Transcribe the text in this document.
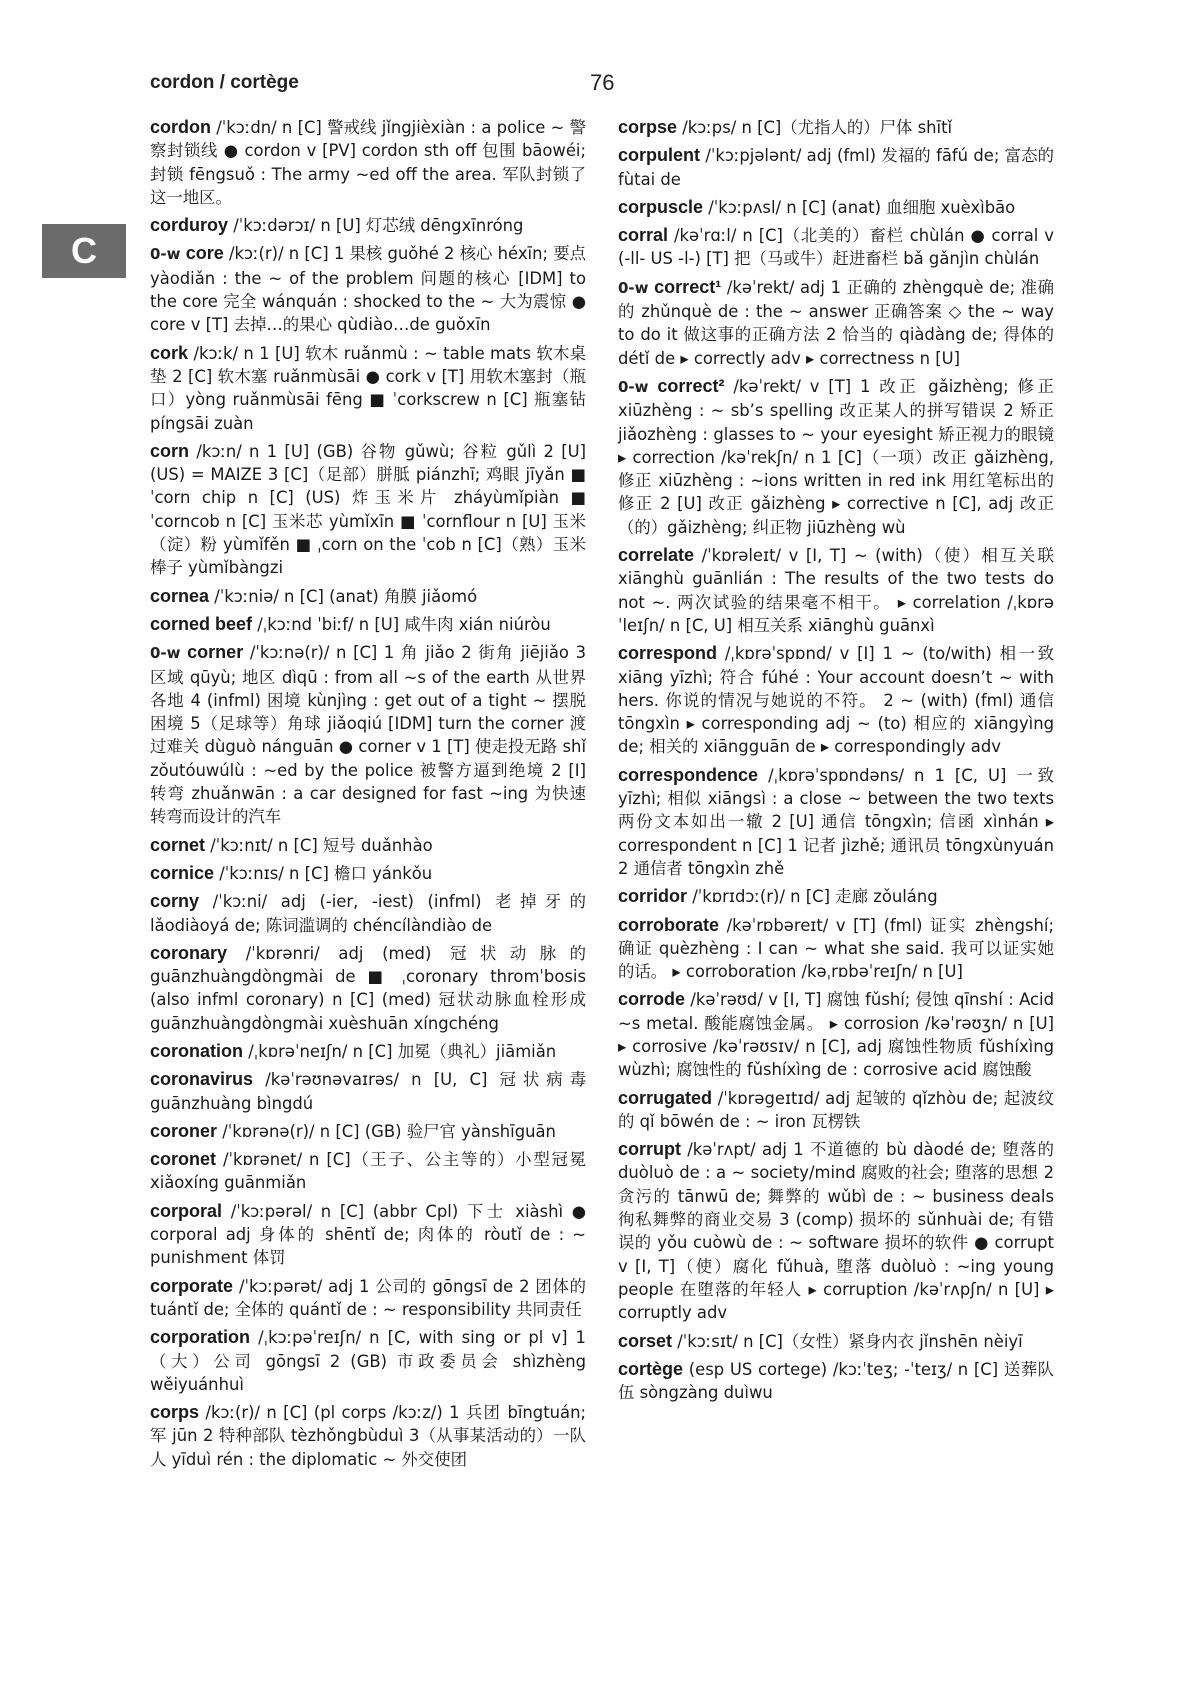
cordon / cortège	76
C

cordon /ˈkɔːdn/ n [C] 警戒线 jǐngjièxiàn : a police ~ 警察封锁线 ● cordon v [PV] cordon sth off 包围 bāowéi; 封锁 fēngsuǒ : The army ~ed off the area. 军队封锁了这一地区。

corduroy /ˈkɔːdərɔɪ/ n [U] 灯芯绒 dēngxīnróng

0-w core /kɔː(r)/ n [C] 1 果核 guǒhé 2 核心 héxīn; 要点 yàodiǎn : the ~ of the problem 问题的核心 [IDM] to the core 完全 wánquán : shocked to the ~ 大为震惊 ● core v [T] 去掉…的果心 qùdiào…de guǒxīn

cork /kɔːk/ n 1 [U] 软木 ruǎnmù : ~ table mats 软木桌垫 2 [C] 软木塞 ruǎnmùsāi ● cork v [T] 用软木塞封（瓶口）yòng ruǎnmùsāi fēng ■ ˈcorkscrew n [C] 瓶塞钻 píngsāi zuàn

corn /kɔːn/ n 1 [U] (GB) 谷物 gǔwù; 谷粒 gǔlì 2 [U] (US) = MAIZE 3 [C]（足部）胼胝 piánzhī; 鸡眼 jīyǎn ■ ˈcorn chip n [C] (US) 炸玉米片 zháyùmǐpiàn ■ ˈcorncob n [C] 玉米芯 yùmǐxīn ■ ˈcornflour n [U] 玉米（淀）粉 yùmǐfěn ■ ˌcorn on the ˈcob n [C]（熟）玉米棒子 yùmǐbàngzi

cornea /ˈkɔːniə/ n [C] (anat) 角膜 jiǎomó

corned beef /ˌkɔːnd ˈbiːf/ n [U] 咸牛肉 xián niúròu

0-w corner /ˈkɔːnə(r)/ n [C] 1 角 jiǎo 2 街角 jiējiǎo 3 区域 qūyù; 地区 dìqū : from all ~s of the earth 从世界各地 4 (infml) 困境 kùnjìng : get out of a tight ~ 摆脱困境 5（足球等）角球 jiǎoqiú [IDM] turn the corner 渡过难关 dùguò nánguān ● corner v 1 [T] 使走投无路 shǐ zǒutóuwúlù : ~ed by the police 被警方逼到绝境 2 [I] 转弯 zhuǎnwān : a car designed for fast ~ing 为快速转弯而设计的汽车

cornet /ˈkɔːnɪt/ n [C] 短号 duǎnhào

cornice /ˈkɔːnɪs/ n [C] 檐口 yánkǒu

corny /ˈkɔːni/ adj (-ier, -iest) (infml) 老掉牙的 lǎodiàoyá de; 陈词滥调的 chéncílàndiào de

coronary /ˈkɒrənri/ adj (med) 冠状动脉的 guānzhuàngdòngmài de ■ ˌcoronary thromˈbosis (also infml coronary) n [C] (med) 冠状动脉血栓形成 guānzhuàngdòngmài xuèshuān xíngchéng

coronation /ˌkɒrəˈneɪʃn/ n [C] 加冕（典礼）jiāmiǎn

coronavirus /kəˈrəʊnəvaɪrəs/ n [U, C] 冠状病毒 guānzhuàng bìngdú

coroner /ˈkɒrənə(r)/ n [C] (GB) 验尸官 yànshīguān

coronet /ˈkɒrənet/ n [C]（王子、公主等的）小型冠冕 xiǎoxíng guānmiǎn

corporal /ˈkɔːpərəl/ n [C] (abbr Cpl) 下士 xiàshì ● corporal adj 身体的 shēntǐ de; 肉体的 ròutǐ de : ~ punishment 体罚

corporate /ˈkɔːpərət/ adj 1 公司的 gōngsī de 2 团体的 tuántǐ de; 全体的 quántǐ de : ~ responsibility 共同责任

corporation /ˌkɔːpəˈreɪʃn/ n [C, with sing or pl v] 1（大）公司 gōngsī 2 (GB) 市政委员会 shìzhèng wěiyuánhuì

corps /kɔː(r)/ n [C] (pl corps /kɔːz/) 1 兵团 bīngtuán; 军 jūn 2 特种部队 tèzhǒngbùduì 3（从事某活动的）一队人 yīduì rén : the diplomatic ~ 外交使团

corpse /kɔːps/ n [C]（尤指人的）尸体 shītǐ

corpulent /ˈkɔːpjələnt/ adj (fml) 发福的 fāfú de; 富态的 fùtai de

corpuscle /ˈkɔːpʌsl/ n [C] (anat) 血细胞 xuèxìbāo

corral /kəˈrɑːl/ n [C]（北美的）畜栏 chùlán ● corral v (-ll- US -l-) [T] 把（马或牛）赶进畜栏 bǎ gǎnjìn chùlán

0-w correct¹ /kəˈrekt/ adj 1 正确的 zhèngquè de; 准确的 zhǔnquè de : the ~ answer 正确答案 ◇ the ~ way to do it 做这事的正确方法 2 恰当的 qiàdàng de; 得体的 détǐ de ▸ correctly adv ▸ correctness n [U]

0-w correct² /kəˈrekt/ v [T] 1 改正 gǎizhèng; 修正 xiūzhèng : ~ sb’s spelling 改正某人的拼写错误 2 矫正 jiǎozhèng : glasses to ~ your eyesight 矫正视力的眼镜 ▸ correction /kəˈrekʃn/ n 1 [C]（一项）改正 gǎizhèng, 修正 xiūzhèng : ~ions written in red ink 用红笔标出的修正 2 [U] 改正 gǎizhèng ▸ corrective n [C], adj 改正（的）gǎizhèng; 纠正物 jiūzhèng wù

correlate /ˈkɒrəleɪt/ v [I, T] ~ (with)（使）相互关联 xiānghù guānlián : The results of the two tests do not ~. 两次试验的结果毫不相干。 ▸ correlation /ˌkɒrəˈleɪʃn/ n [C, U] 相互关系 xiānghù guānxì

correspond /ˌkɒrəˈspɒnd/ v [I] 1 ~ (to/with) 相一致 xiāng yīzhì; 符合 fúhé : Your account doesn’t ~ with hers. 你说的情况与她说的不符。 2 ~ (with) (fml) 通信 tōngxìn ▸ corresponding adj ~ (to) 相应的 xiāngyìng de; 相关的 xiāngguān de ▸ correspondingly adv

correspondence /ˌkɒrəˈspɒndəns/ n 1 [C, U] 一致 yīzhì; 相似 xiāngsì : a close ~ between the two texts 两份文本如出一辙 2 [U] 通信 tōngxìn; 信函 xìnhán ▸ correspondent n [C] 1 记者 jìzhě; 通讯员 tōngxùnyuán 2 通信者 tōngxìn zhě

corridor /ˈkɒrɪdɔː(r)/ n [C] 走廊 zǒuláng

corroborate /kəˈrɒbəreɪt/ v [T] (fml) 证实 zhèngshí; 确证 quèzhèng : I can ~ what she said. 我可以证实她的话。 ▸ corroboration /kəˌrɒbəˈreɪʃn/ n [U]

corrode /kəˈrəʊd/ v [I, T] 腐蚀 fǔshí; 侵蚀 qīnshí : Acid ~s metal. 酸能腐蚀金属。 ▸ corrosion /kəˈrəʊʒn/ n [U] ▸ corrosive /kəˈrəʊsɪv/ n [C], adj 腐蚀性物质 fǔshíxìng wùzhì; 腐蚀性的 fǔshíxìng de : corrosive acid 腐蚀酸

corrugated /ˈkɒrəgeɪtɪd/ adj 起皱的 qǐzhòu de; 起波纹的 qǐ bōwén de : ~ iron 瓦楞铁

corrupt /kəˈrʌpt/ adj 1 不道德的 bù dàodé de; 堕落的 duòluò de : a ~ society/mind 腐败的社会; 堕落的思想 2 贪污的 tānwū de; 舞弊的 wǔbì de : ~ business deals 徇私舞弊的商业交易 3 (comp) 损坏的 sǔnhuài de; 有错误的 yǒu cuòwù de : ~ software 损坏的软件 ● corrupt v [I, T]（使）腐化 fǔhuà, 堕落 duòluò : ~ing young people 在堕落的年轻人 ▸ corruption /kəˈrʌpʃn/ n [U] ▸ corruptly adv

corset /ˈkɔːsɪt/ n [C]（女性）紧身内衣 jǐnshēn nèiyī

cortège (esp US cortege) /kɔːˈteʒ; -ˈteɪʒ/ n [C] 送葬队伍 sòngzàng duìwu
